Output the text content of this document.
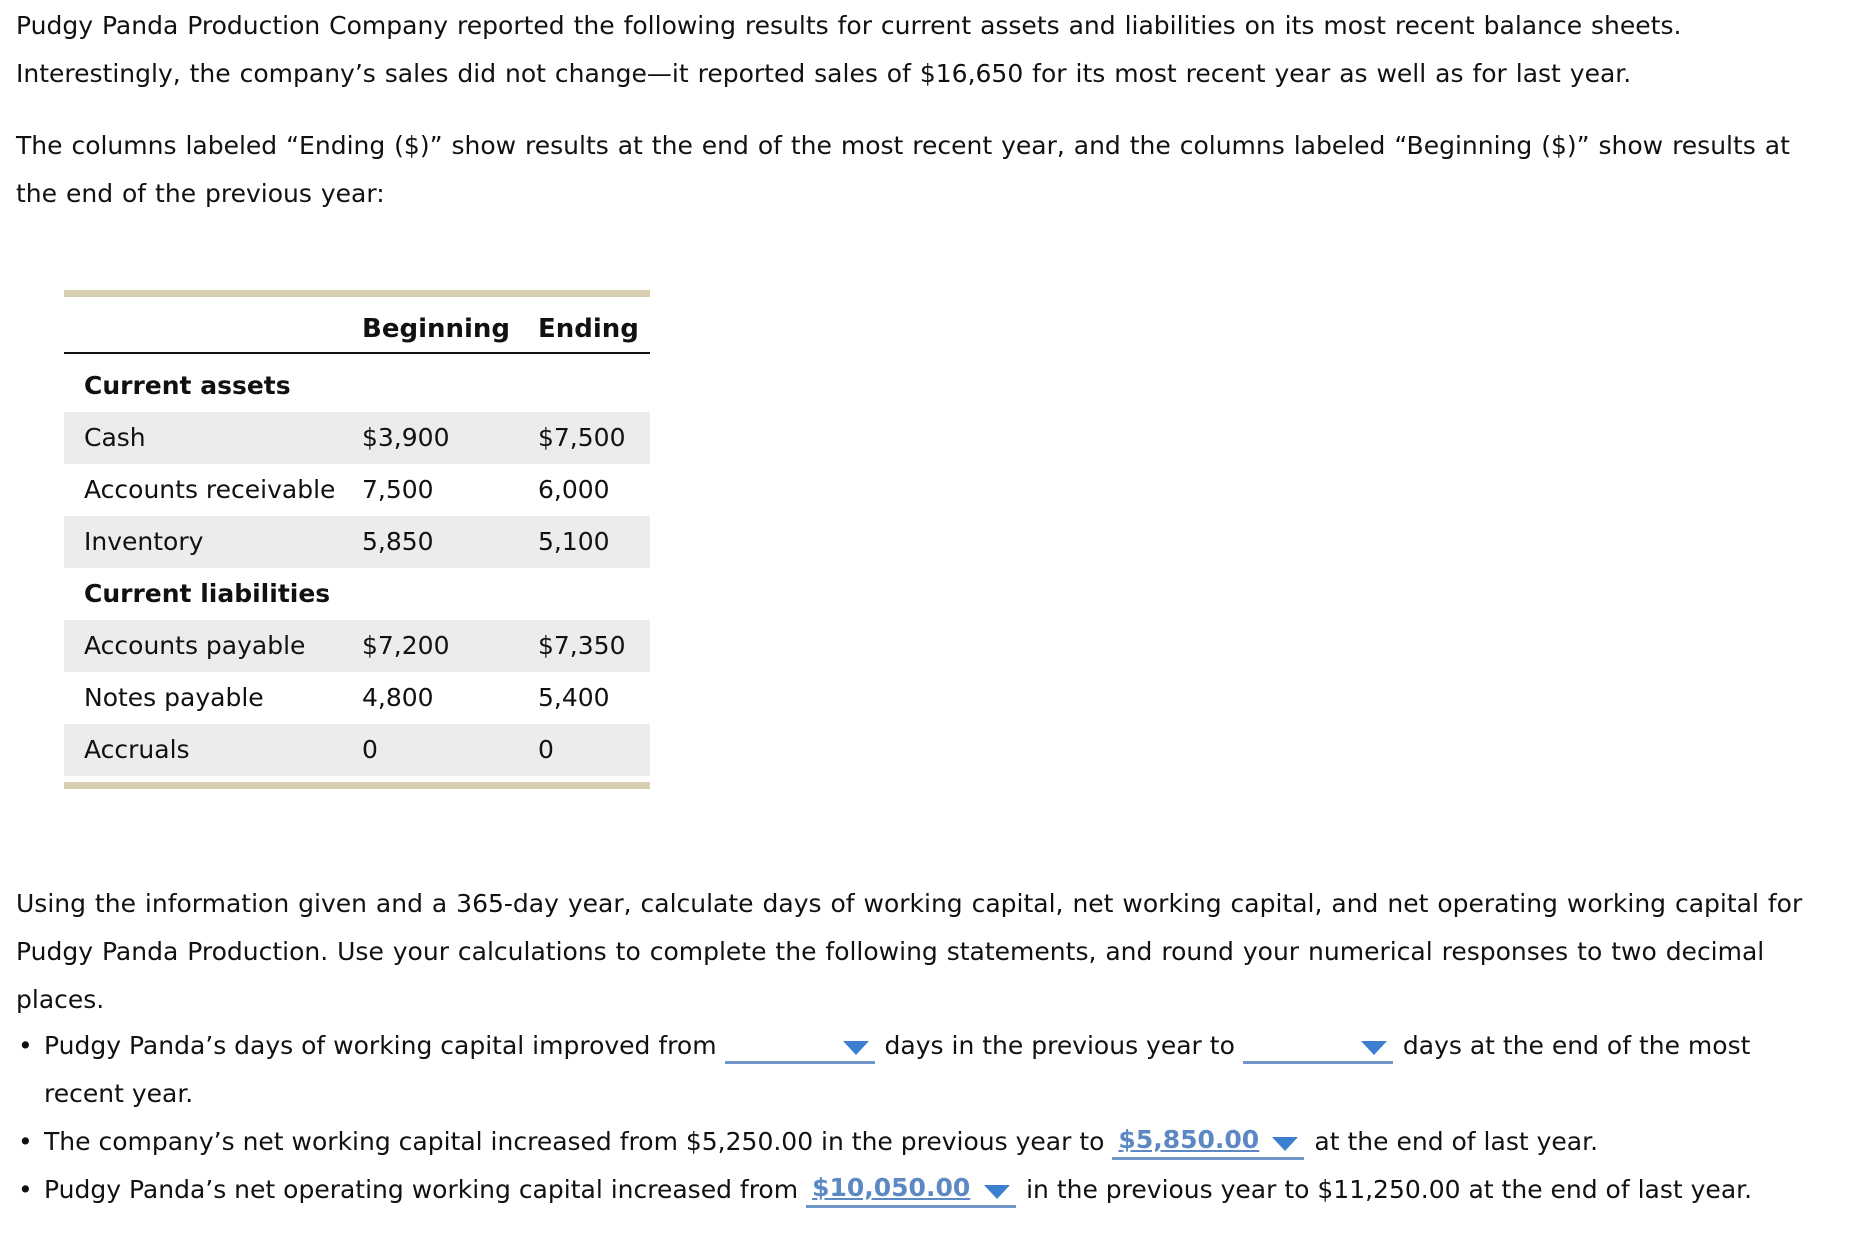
Pudgy Panda Production Company reported the following results for current assets and liabilities on its most recent balance sheets. Interestingly, the company’s sales did not change—it reported sales of $16,650 for its most recent year as well as for last year.

The columns labeled “Ending ($)” show results at the end of the most recent year, and the columns labeled “Beginning ($)” show results at the end of the previous year:

Beginning Ending
Current assets
Cash	$3,900	$7,500
Accounts receivable 7,500	6,000
Inventory	5,850	5,100
Current liabilities
Accounts payable $7,200	$7,350
Notes payable	4,800	5,400
Accruals	0	0

Using the information given and a 365-day year, calculate days of working capital, net working capital, and net operating working capital for Pudgy Panda Production. Use your calculations to complete the following statements, and round your numerical responses to two decimal places.

• Pudgy Panda’s days of working capital improved from	days in the previous year to	days at the end of the most recent year.
• The company’s net working capital increased from $5,250.00 in the previous year to $5,850.00 at the end of last year.
• Pudgy Panda’s net operating working capital increased from $10,050.00 in the previous year to $11,250.00 at the end of last year.
